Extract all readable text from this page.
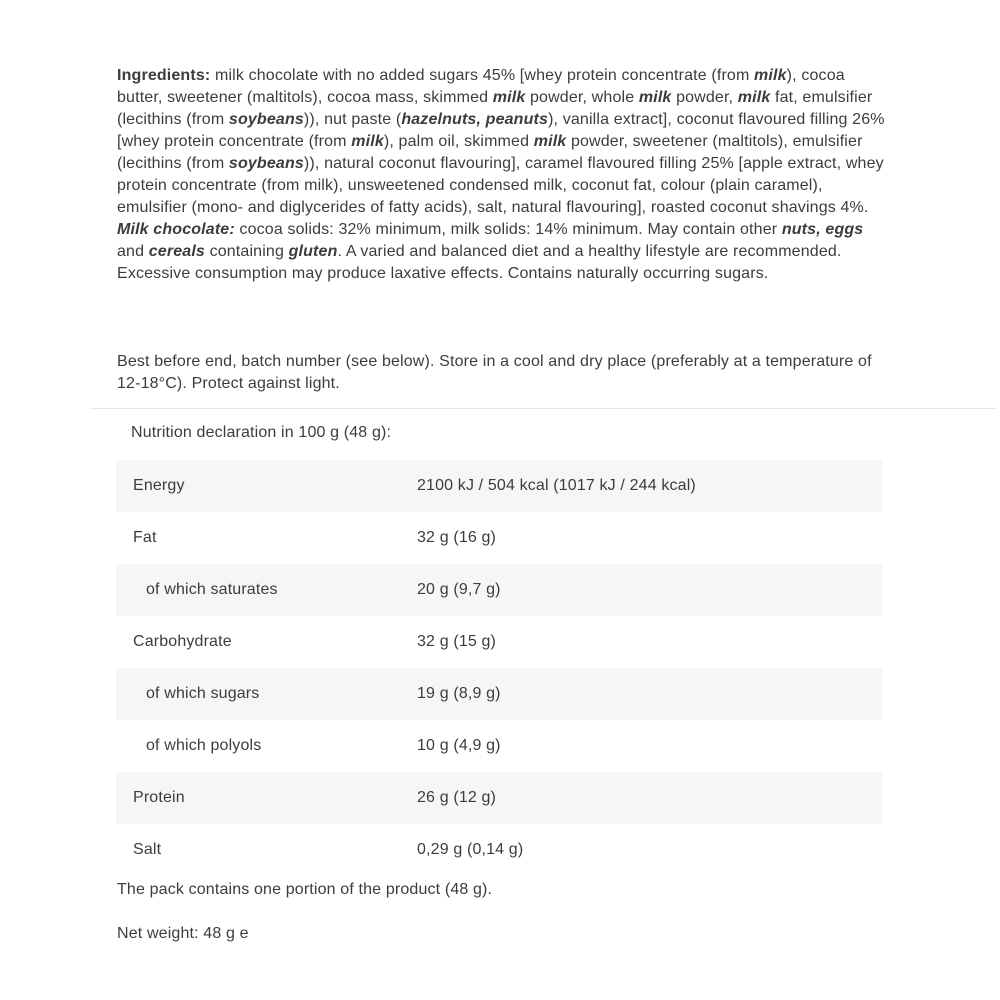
Ingredients: milk chocolate with no added sugars 45% [whey protein concentrate (from milk), cocoa butter, sweetener (maltitols), cocoa mass, skimmed milk powder, whole milk powder, milk fat, emulsifier (lecithins (from soybeans)), nut paste (hazelnuts, peanuts), vanilla extract], coconut flavoured filling 26% [whey protein concentrate (from milk), palm oil, skimmed milk powder, sweetener (maltitols), emulsifier (lecithins (from soybeans)), natural coconut flavouring], caramel flavoured filling 25% [apple extract, whey protein concentrate (from milk), unsweetened condensed milk, coconut fat, colour (plain caramel), emulsifier (mono- and diglycerides of fatty acids), salt, natural flavouring], roasted coconut shavings 4%. Milk chocolate: cocoa solids: 32% minimum, milk solids: 14% minimum. May contain other nuts, eggs and cereals containing gluten. A varied and balanced diet and a healthy lifestyle are recommended. Excessive consumption may produce laxative effects. Contains naturally occurring sugars.

Best before end, batch number (see below). Store in a cool and dry place (preferably at a temperature of 12-18°C). Protect against light.

Nutrition declaration in 100 g (48 g):

Energy	2100 kJ / 504 kcal (1017 kJ / 244 kcal)
Fat	32 g (16 g)
of which saturates	20 g (9,7 g)
Carbohydrate	32 g (15 g)
of which sugars	19 g (8,9 g)
of which polyols	10 g (4,9 g)
Protein	26 g (12 g)
Salt	0,29 g (0,14 g)

The pack contains one portion of the product (48 g).

Net weight: 48 g e
